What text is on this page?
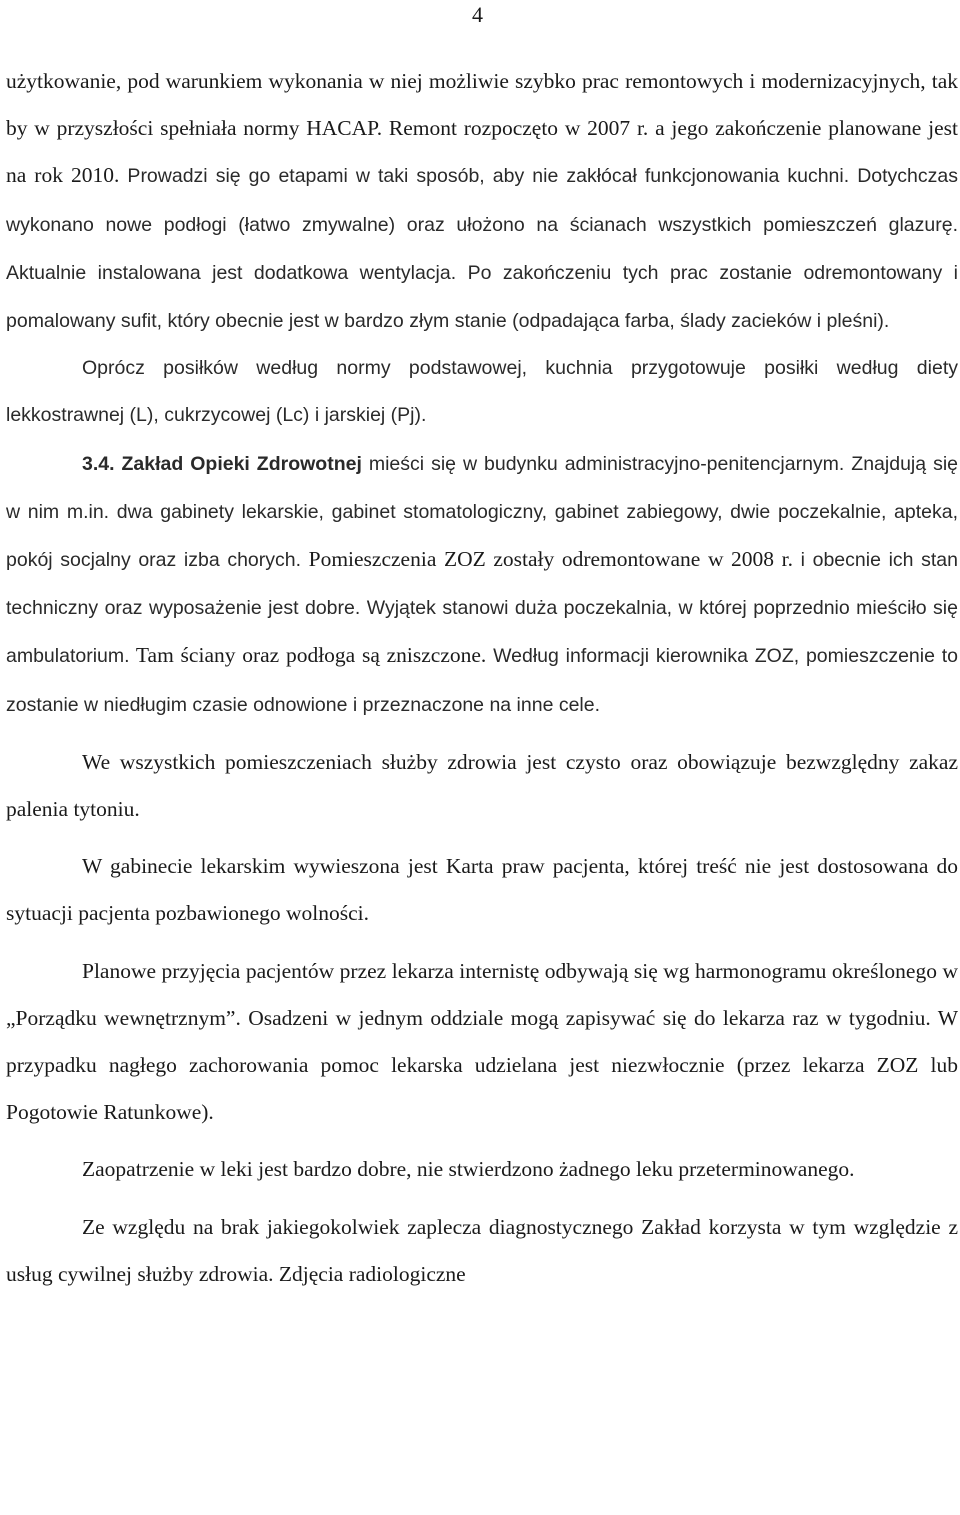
4

użytkowanie, pod warunkiem wykonania w niej możliwie szybko prac remontowych i modernizacyjnych, tak by w przyszłości spełniała normy HACAP. Remont rozpoczęto w 2007 r. a jego zakończenie planowane jest na rok 2010. Prowadzi się go etapami w taki sposób, aby nie zakłócał funkcjonowania kuchni. Dotychczas wykonano nowe podłogi (łatwo zmywalne) oraz ułożono na ścianach wszystkich pomieszczeń glazurę. Aktualnie instalowana jest dodatkowa wentylacja. Po zakończeniu tych prac zostanie odremontowany i pomalowany sufit, który obecnie jest w bardzo złym stanie (odpadająca farba, ślady zacieków i pleśni).

Oprócz posiłków według normy podstawowej, kuchnia przygotowuje posiłki według diety lekkostrawnej (L), cukrzycowej (Lc) i jarskiej (Pj).

3.4. Zakład Opieki Zdrowotnej mieści się w budynku administracyjno-penitencjarnym. Znajdują się w nim m.in. dwa gabinety lekarskie, gabinet stomatologiczny, gabinet zabiegowy, dwie poczekalnie, apteka, pokój socjalny oraz izba chorych. Pomieszczenia ZOZ zostały odremontowane w 2008 r. i obecnie ich stan techniczny oraz wyposażenie jest dobre. Wyjątek stanowi duża poczekalnia, w której poprzednio mieściło się ambulatorium. Tam ściany oraz podłoga są zniszczone. Według informacji kierownika ZOZ, pomieszczenie to zostanie w niedługim czasie odnowione i przeznaczone na inne cele.

We wszystkich pomieszczeniach służby zdrowia jest czysto oraz obowiązuje bezwzględny zakaz palenia tytoniu.

W gabinecie lekarskim wywieszona jest Karta praw pacjenta, której treść nie jest dostosowana do sytuacji pacjenta pozbawionego wolności.

Planowe przyjęcia pacjentów przez lekarza internistę odbywają się wg harmonogramu określonego w „Porządku wewnętrznym”. Osadzeni w jednym oddziale mogą zapisywać się do lekarza raz w tygodniu. W przypadku nagłego zachorowania pomoc lekarska udzielana jest niezwłocznie (przez lekarza ZOZ lub Pogotowie Ratunkowe).

Zaopatrzenie w leki jest bardzo dobre, nie stwierdzono żadnego leku przeterminowanego.

Ze względu na brak jakiegokolwiek zaplecza diagnostycznego Zakład korzysta w tym względzie z usług cywilnej służby zdrowia. Zdjęcia radiologiczne
